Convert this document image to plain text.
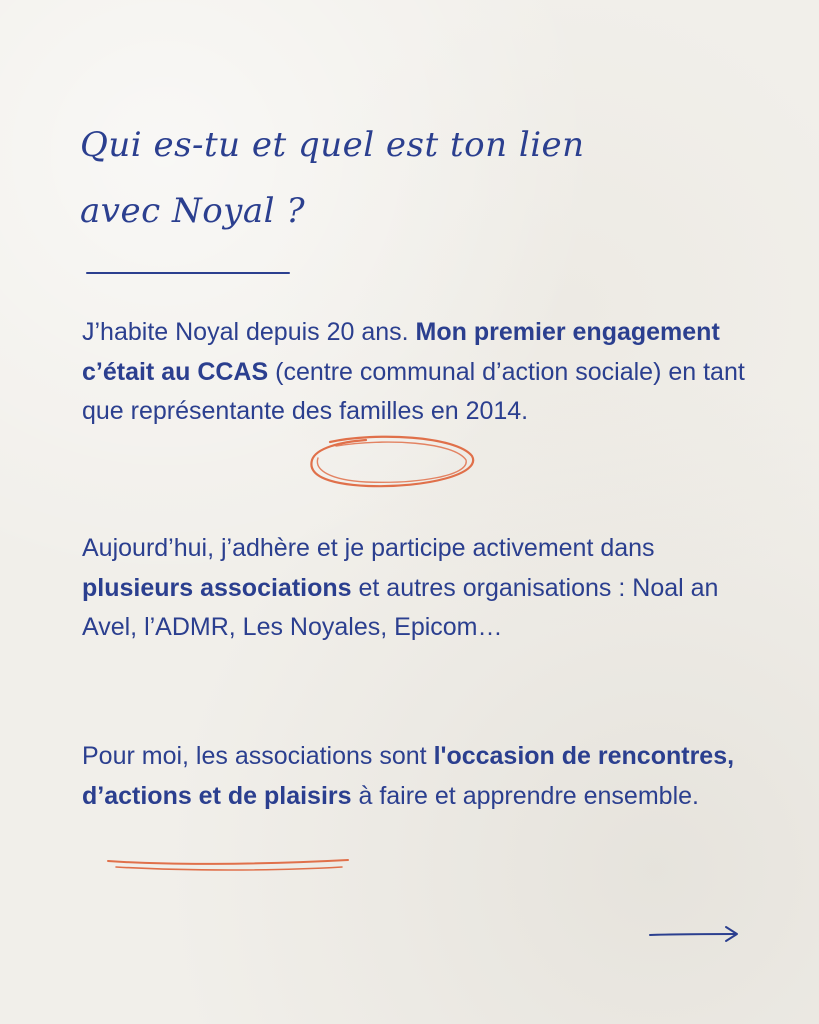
Qui es-tu et quel est ton lien
avec Noyal ?

J’habite Noyal depuis 20 ans. Mon premier engagement c’était au CCAS (centre communal d’action sociale) en tant que représentante des familles en 2014.

Aujourd’hui, j’adhère et je participe activement dans plusieurs associations et autres organisations : Noal an Avel, l’ADMR, Les Noyales, Epicom…

Pour moi, les associations sont l'occasion de rencontres, d’actions et de plaisirs à faire et apprendre ensemble.
